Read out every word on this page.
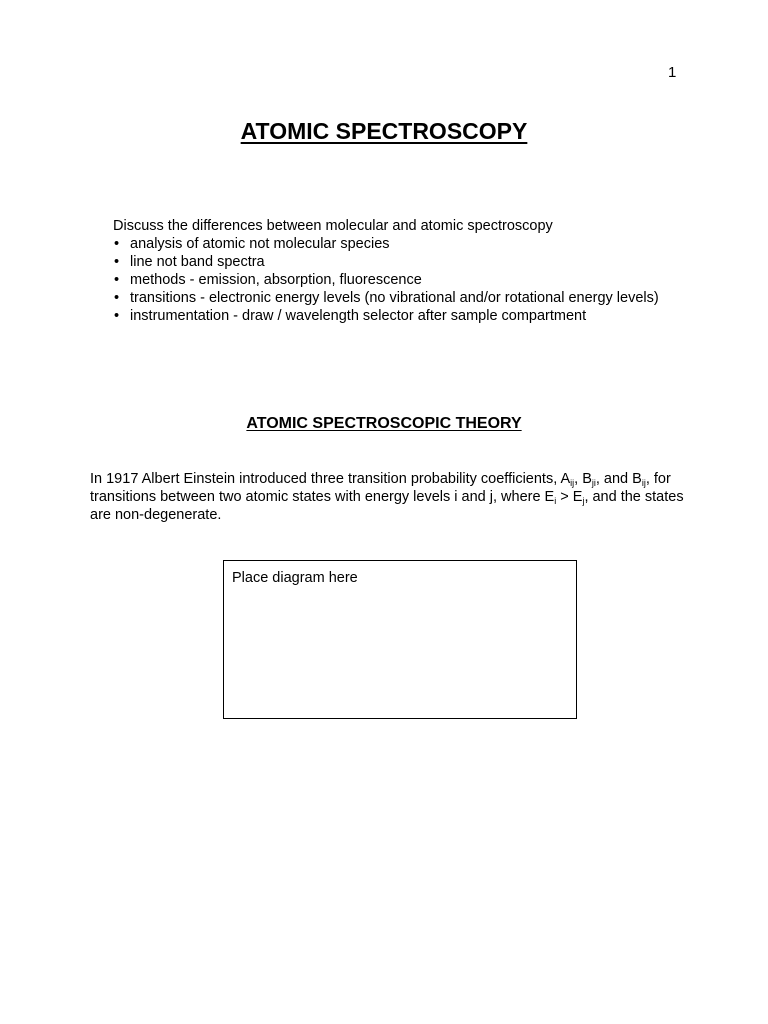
1
ATOMIC SPECTROSCOPY
Discuss the differences between molecular and atomic spectroscopy
• analysis of atomic not molecular species
• line not band spectra
• methods - emission, absorption, fluorescence
• transitions - electronic energy levels (no vibrational and/or rotational energy levels)
• instrumentation - draw / wavelength selector after sample compartment
ATOMIC SPECTROSCOPIC THEORY
In 1917 Albert Einstein introduced three transition probability coefficients, $A_{ij}$, $B_{ji}$, and $B_{ij}$, for transitions between two atomic states with energy levels i and j, where $E_i > E_j$, and the states are non-degenerate.
Place diagram here
